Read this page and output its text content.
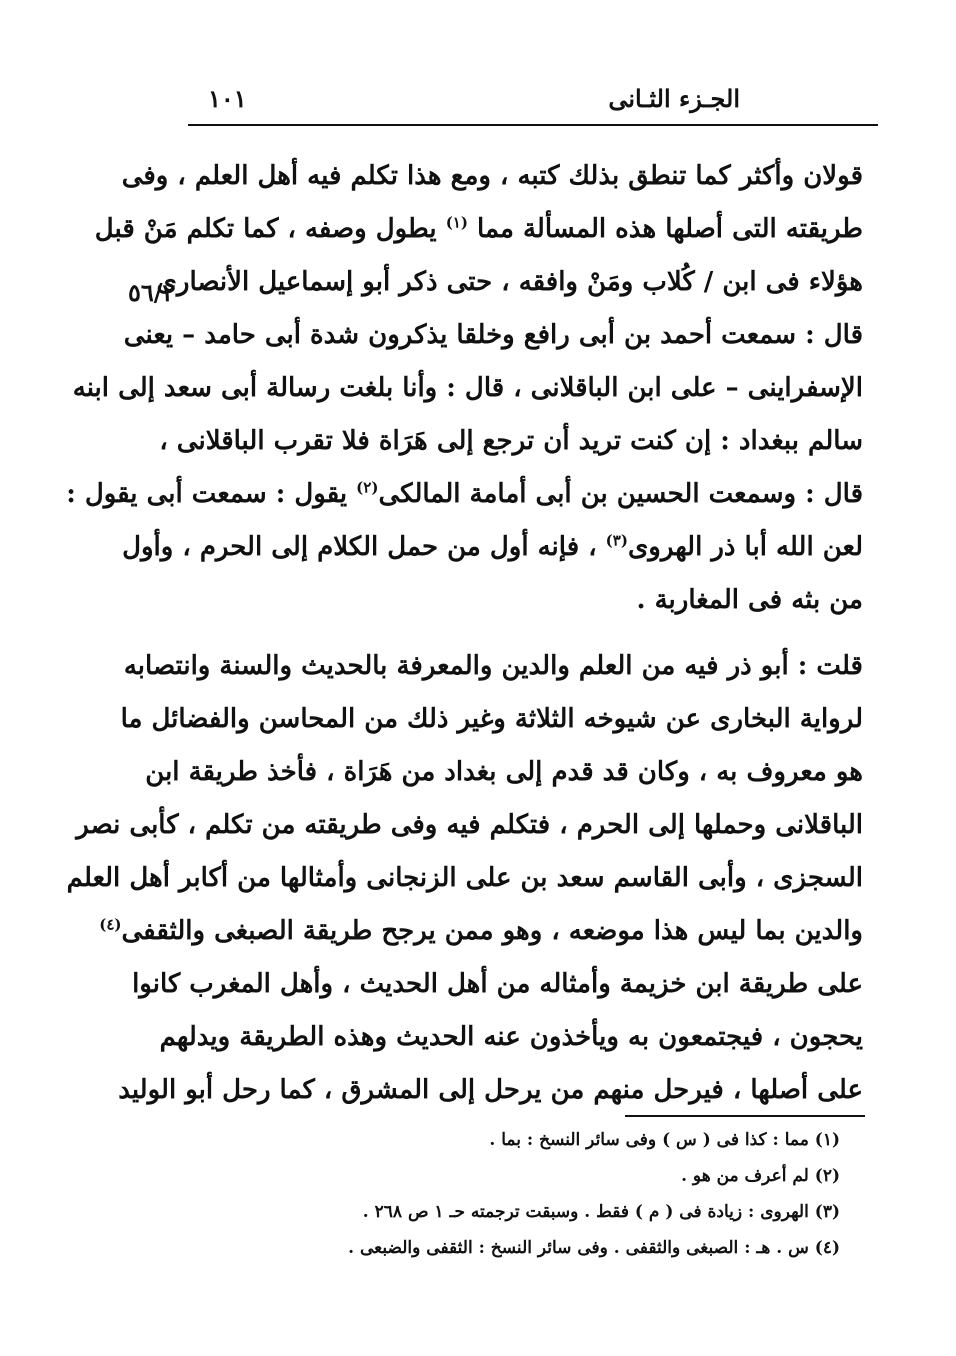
الجـزء الثـانى
١٠١
٥٦/٢
قولان وأكثر كما تنطق بذلك كتبه ، ومع هذا تكلم فيه أهل العلم ، وفى
طريقته التى أصلها هذه المسألة مما $^{(١)}$ يطول وصفه ، كما تكلم مَنْ قبل
هؤلاء فى ابن / كُلاب ومَنْ وافقه ، حتى ذكر أبو إسماعيل الأنصارى
قال : سمعت أحمد بن أبى رافع وخلقا يذكرون شدة أبى حامد – يعنى
الإسفراينى – على ابن الباقلانى ، قال : وأنا بلغت رسالة أبى سعد إلى ابنه
سالم ببغداد : إن كنت تريد أن ترجع إلى هَرَاة فلا تقرب الباقلانى ،
قال : وسمعت الحسين بن أبى أمامة المالكى$^{(٢)}$ يقول : سمعت أبى يقول :
لعن الله أبا ذر الهروى$^{(٣)}$ ، فإنه أول من حمل الكلام إلى الحرم ، وأول
من بثه فى المغاربة .
قلت : أبو ذر فيه من العلم والدين والمعرفة بالحديث والسنة وانتصابه
لرواية البخارى عن شيوخه الثلاثة وغير ذلك من المحاسن والفضائل ما
هو معروف به ، وكان قد قدم إلى بغداد من هَرَاة ، فأخذ طريقة ابن
الباقلانى وحملها إلى الحرم ، فتكلم فيه وفى طريقته من تكلم ، كأبى نصر
السجزى ، وأبى القاسم سعد بن على الزنجانى وأمثالها من أكابر أهل العلم
والدين بما ليس هذا موضعه ، وهو ممن يرجح طريقة الصبغى والثقفى$^{(٤)}$
على طريقة ابن خزيمة وأمثاله من أهل الحديث ، وأهل المغرب كانوا
يحجون ، فيجتمعون به ويأخذون عنه الحديث وهذه الطريقة ويدلهم
على أصلها ، فيرحل منهم من يرحل إلى المشرق ، كما رحل أبو الوليد
(١) مما : كذا فى ( س ) وفى سائر النسخ : بما .
(٢) لم أعرف من هو .
(٣) الهروى : زيادة فى ( م ) فقط . وسبقت ترجمته حـ ١ ص ٢٦٨ .
(٤) س . هـ : الصبغى والثقفى . وفى سائر النسخ : الثقفى والضبعى .
